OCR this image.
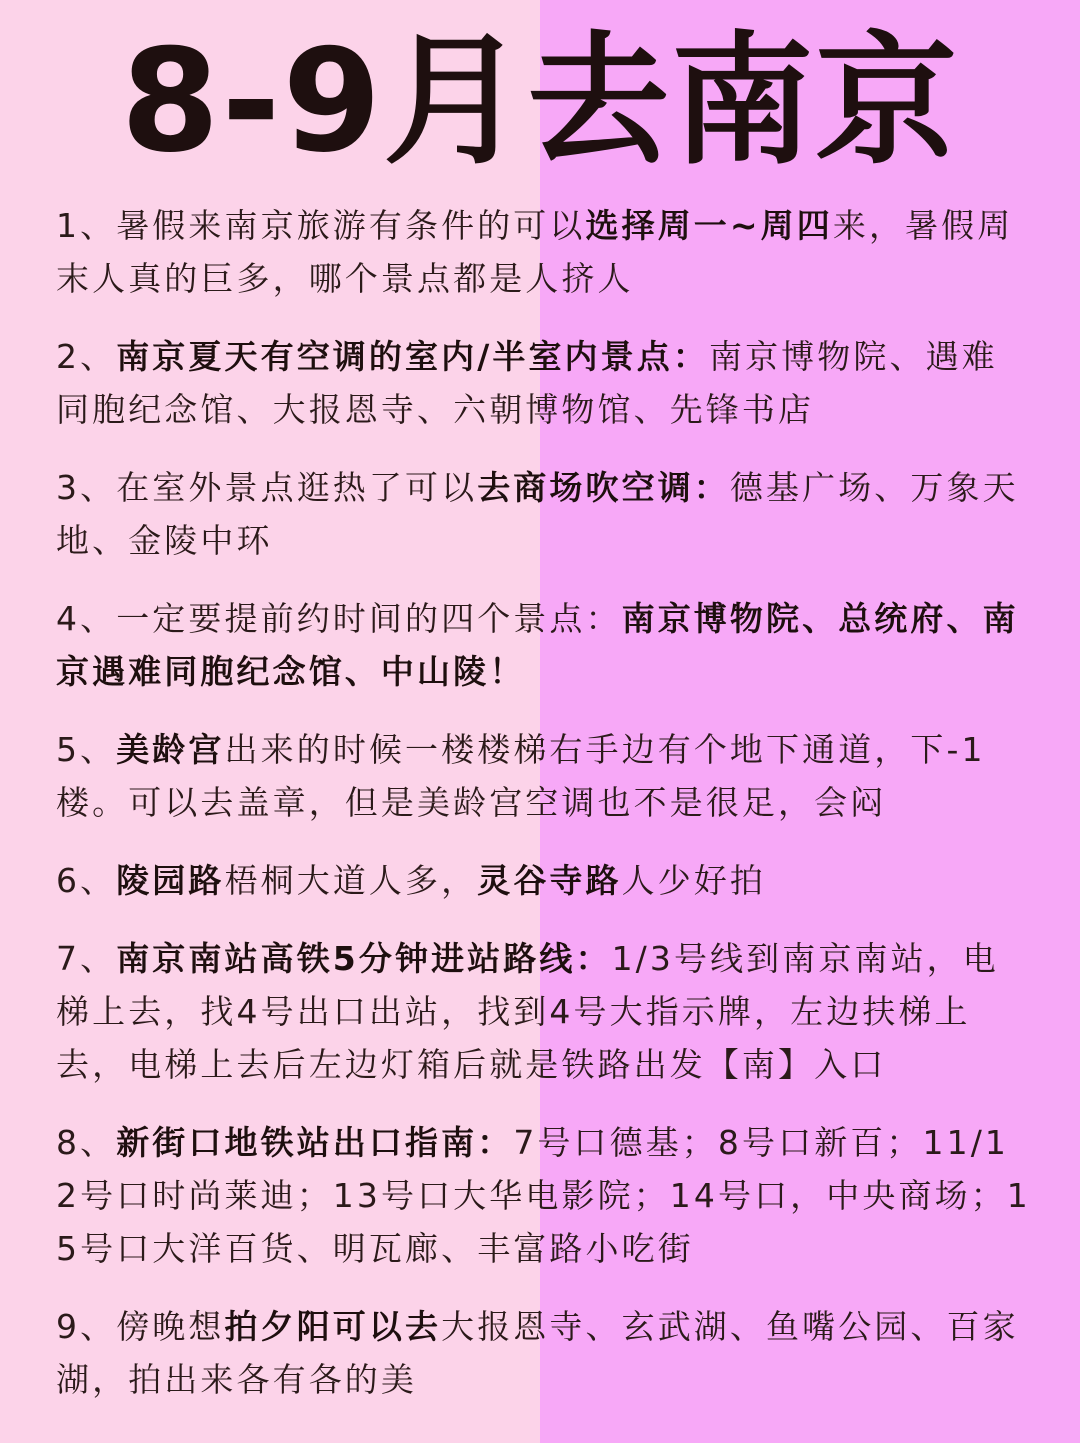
8-9月去南京

1、暑假来南京旅游有条件的可以选择周一~周四来，暑假周末人真的巨多，哪个景点都是人挤人

2、南京夏天有空调的室内/半室内景点：南京博物院、遇难同胞纪念馆、大报恩寺、六朝博物馆、先锋书店

3、在室外景点逛热了可以去商场吹空调：德基广场、万象天地、金陵中环

4、一定要提前约时间的四个景点：南京博物院、总统府、南京遇难同胞纪念馆、中山陵！

5、美龄宫出来的时候一楼楼梯右手边有个地下通道，下-1楼。可以去盖章，但是美龄宫空调也不是很足，会闷

6、陵园路梧桐大道人多，灵谷寺路人少好拍

7、南京南站高铁5分钟进站路线：1/3号线到南京南站，电梯上去，找4号出口出站，找到4号大指示牌，左边扶梯上去，电梯上去后左边灯箱后就是铁路出发【南】入口

8、新街口地铁站出口指南：7号口德基；8号口新百；11/12号口时尚莱迪；13号口大华电影院；14号口，中央商场；15号口大洋百货、明瓦廊、丰富路小吃街

9、傍晚想拍夕阳可以去大报恩寺、玄武湖、鱼嘴公园、百家湖，拍出来各有各的美
